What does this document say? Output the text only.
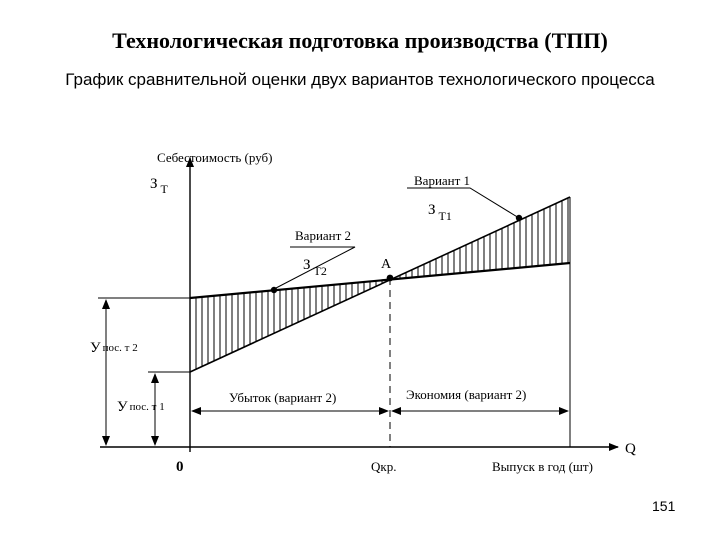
Технологическая подготовка производства (ТПП)
График сравнительной оценки двух вариантов технологического процесса
Себестоимость (руб)
З $_Т$
Вариант 1
З $_{Т1}$
Вариант 2
З $_{Т2}$	A
У пос. т 2
У пос. т 1
Убыток (вариант 2)	Экономия (вариант 2)
Q
0	Qкр.	Выпуск в год (шт)
151
